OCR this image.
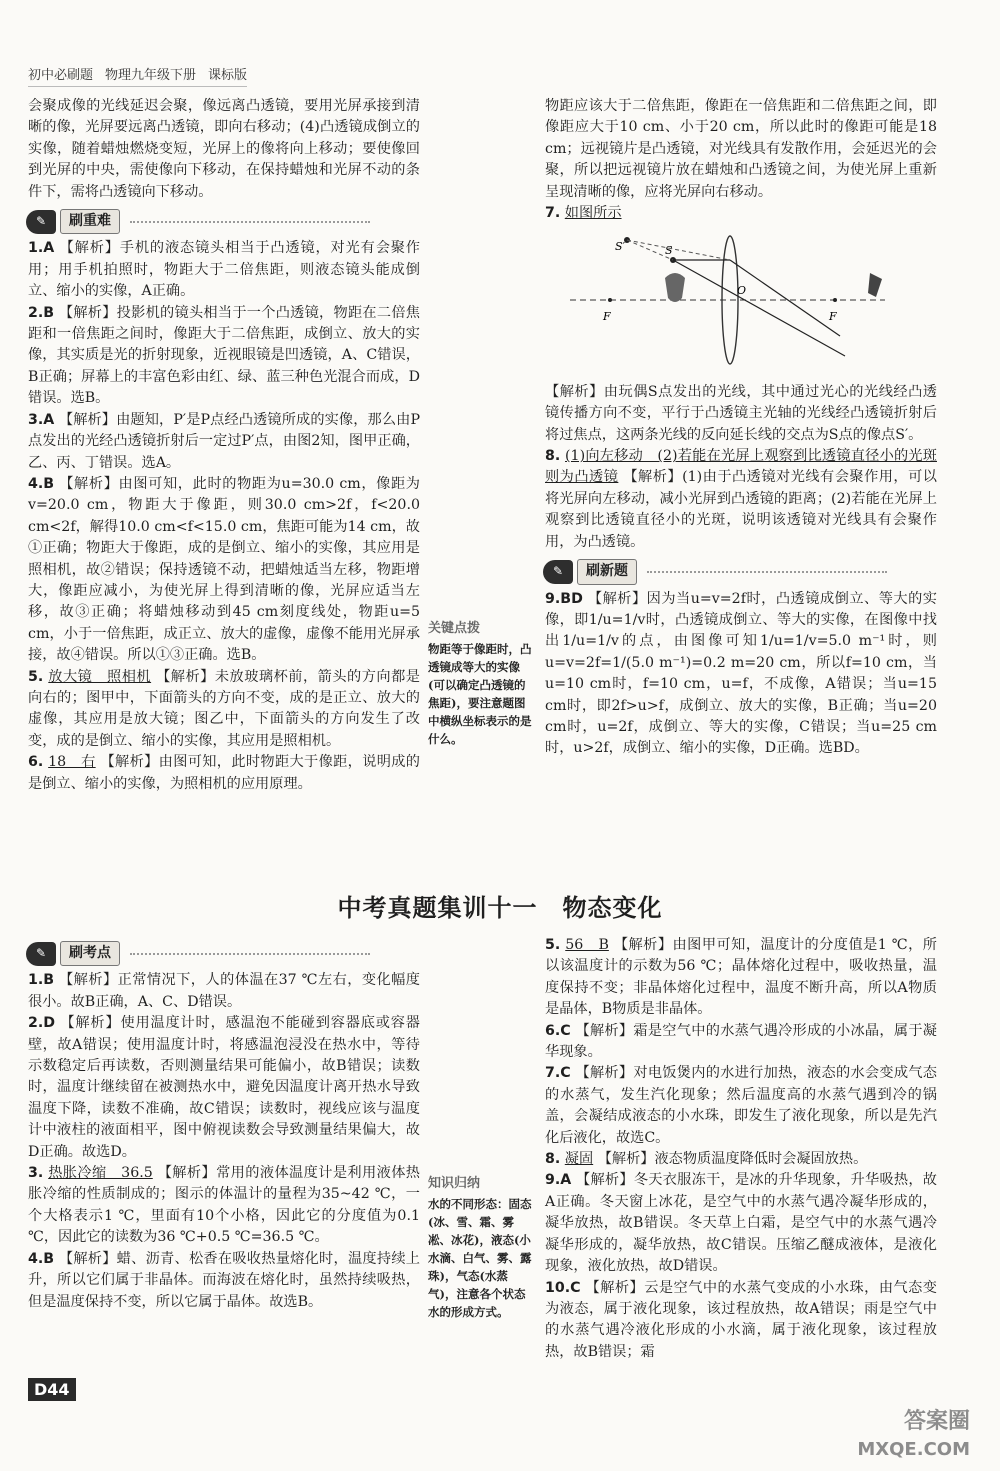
初中必刷题 物理九年级下册 课标版

会聚成像的光线延迟会聚，像远离凸透镜，要用光屏承接到清晰的像，光屏要远离凸透镜，即向右移动；(4)凸透镜成倒立的实像，随着蜡烛燃烧变短，光屏上的像将向上移动；要使像回到光屏的中央，需使像向下移动，在保持蜡烛和光屏不动的条件下，需将凸透镜向下移动。

✎	刷重难

1.A 【解析】手机的液态镜头相当于凸透镜，对光有会聚作用；用手机拍照时，物距大于二倍焦距，则液态镜头能成倒立、缩小的实像，A正确。

2.B 【解析】投影机的镜头相当于一个凸透镜，物距在二倍焦距和一倍焦距之间时，像距大于二倍焦距，成倒立、放大的实像，其实质是光的折射现象，近视眼镜是凹透镜，A、C错误，B正确；屏幕上的丰富色彩由红、绿、蓝三种色光混合而成，D错误。选B。

3.A 【解析】由题知，P′是P点经凸透镜所成的实像，那么由P点发出的光经凸透镜折射后一定过P′点，由图2知，图甲正确，乙、丙、丁错误。选A。

4.B 【解析】由图可知，此时的物距为u=30.0 cm，像距为v=20.0 cm，物距大于像距，则30.0 cm>2f，f<20.0 cm<2f，解得10.0 cm<f<15.0 cm，焦距可能为14 cm，故①正确；物距大于像距，成的是倒立、缩小的实像，其应用是照相机，故②错误；保持透镜不动，把蜡烛适当左移，物距增大，像距应减小，为使光屏上得到清晰的像，光屏应适当左移，故③正确；将蜡烛移动到45 cm刻度线处，物距u=5 cm，小于一倍焦距，成正立、放大的虚像，虚像不能用光屏承接，故④错误。所以①③正确。选B。

5. 放大镜　照相机 【解析】未放玻璃杯前，箭头的方向都是向右的；图甲中，下面箭头的方向不变，成的是正立、放大的虚像，其应用是放大镜；图乙中，下面箭头的方向发生了改变，成的是倒立、缩小的实像，其应用是照相机。

6. 18　右 【解析】由图可知，此时物距大于像距，说明成的是倒立、缩小的实像，为照相机的应用原理。

关键点拨
物距等于像距时，凸透镜成等大的实像(可以确定凸透镜的焦距)，要注意题图中横纵坐标表示的是什么。

物距应该大于二倍焦距，像距在一倍焦距和二倍焦距之间，即像距应大于10 cm、小于20 cm，所以此时的像距可能是18 cm；远视镜片是凸透镜，对光线具有发散作用，会延迟光的会聚，所以把远视镜片放在蜡烛和凸透镜之间，为使光屏上重新呈现清晰的像，应将光屏向右移动。

7. 如图所示

S′	S
F	F
O

【解析】由玩偶S点发出的光线，其中通过光心的光线经凸透镜传播方向不变，平行于凸透镜主光轴的光线经凸透镜折射后将过焦点，这两条光线的反向延长线的交点为S点的像点S′。

8. (1)向左移动　(2)若能在光屏上观察到比透镜直径小的光斑则为凸透镜 【解析】(1)由于凸透镜对光线有会聚作用，可以将光屏向左移动，减小光屏到凸透镜的距离；(2)若能在光屏上观察到比透镜直径小的光斑，说明该透镜对光线具有会聚作用，为凸透镜。

✎	刷新题

9.BD 【解析】因为当u=v=2f时，凸透镜成倒立、等大的实像，即1/u=1/v时，凸透镜成倒立、等大的实像，在图像中找出1/u=1/v的点，由图像可知1/u=1/v=5.0 m⁻¹时，则u=v=2f=1/(5.0 m⁻¹)=0.2 m=20 cm，所以f=10 cm，当u=10 cm时，f=10 cm，u=f，不成像，A错误；当u=15 cm时，即2f>u>f，成倒立、放大的实像，B正确；当u=20 cm时，u=2f，成倒立、等大的实像，C错误；当u=25 cm时，u>2f，成倒立、缩小的实像，D正确。选BD。

中考真题集训十一　物态变化
✎	刷考点

1.B 【解析】正常情况下，人的体温在37 ℃左右，变化幅度很小。故B正确，A、C、D错误。

2.D 【解析】使用温度计时，感温泡不能碰到容器底或容器壁，故A错误；使用温度计时，将感温泡浸没在热水中，等待示数稳定后再读数，否则测量结果可能偏小，故B错误；读数时，温度计继续留在被测热水中，避免因温度计离开热水导致温度下降，读数不准确，故C错误；读数时，视线应该与温度计中液柱的液面相平，图中俯视读数会导致测量结果偏大，故D正确。故选D。

3. 热胀冷缩　36.5 【解析】常用的液体温度计是利用液体热胀冷缩的性质制成的；图示的体温计的量程为35~42 ℃，一个大格表示1 ℃，里面有10个小格，因此它的分度值为0.1 ℃，因此它的读数为36 ℃+0.5 ℃=36.5 ℃。

4.B 【解析】蜡、沥青、松香在吸收热量熔化时，温度持续上升，所以它们属于非晶体。而海波在熔化时，虽然持续吸热，但是温度保持不变，所以它属于晶体。故选B。

知识归纳
水的不同形态：固态(冰、雪、霜、雾凇、冰花)，液态(小水滴、白气、雾、露珠)，气态(水蒸气)，注意各个状态水的形成方式。

5. 56　B 【解析】由图甲可知，温度计的分度值是1 ℃，所以该温度计的示数为56 ℃；晶体熔化过程中，吸收热量，温度保持不变；非晶体熔化过程中，温度不断升高，所以A物质是晶体，B物质是非晶体。

6.C 【解析】霜是空气中的水蒸气遇冷形成的小冰晶，属于凝华现象。

7.C 【解析】对电饭煲内的水进行加热，液态的水会变成气态的水蒸气，发生汽化现象；然后温度高的水蒸气遇到冷的锅盖，会凝结成液态的小水珠，即发生了液化现象，所以是先汽化后液化，故选C。

8. 凝固 【解析】液态物质温度降低时会凝固放热。

9.A 【解析】冬天衣服冻干，是冰的升华现象，升华吸热，故A正确。冬天窗上冰花，是空气中的水蒸气遇冷凝华形成的，凝华放热，故B错误。冬天草上白霜，是空气中的水蒸气遇冷凝华形成的，凝华放热，故C错误。压缩乙醚成液体，是液化现象，液化放热，故D错误。

10.C 【解析】云是空气中的水蒸气变成的小水珠，由气态变为液态，属于液化现象，该过程放热，故A错误；雨是空气中的水蒸气遇冷液化形成的小水滴，属于液化现象，该过程放热，故B错误；霜

D44
答案圈
MXQE.COM
